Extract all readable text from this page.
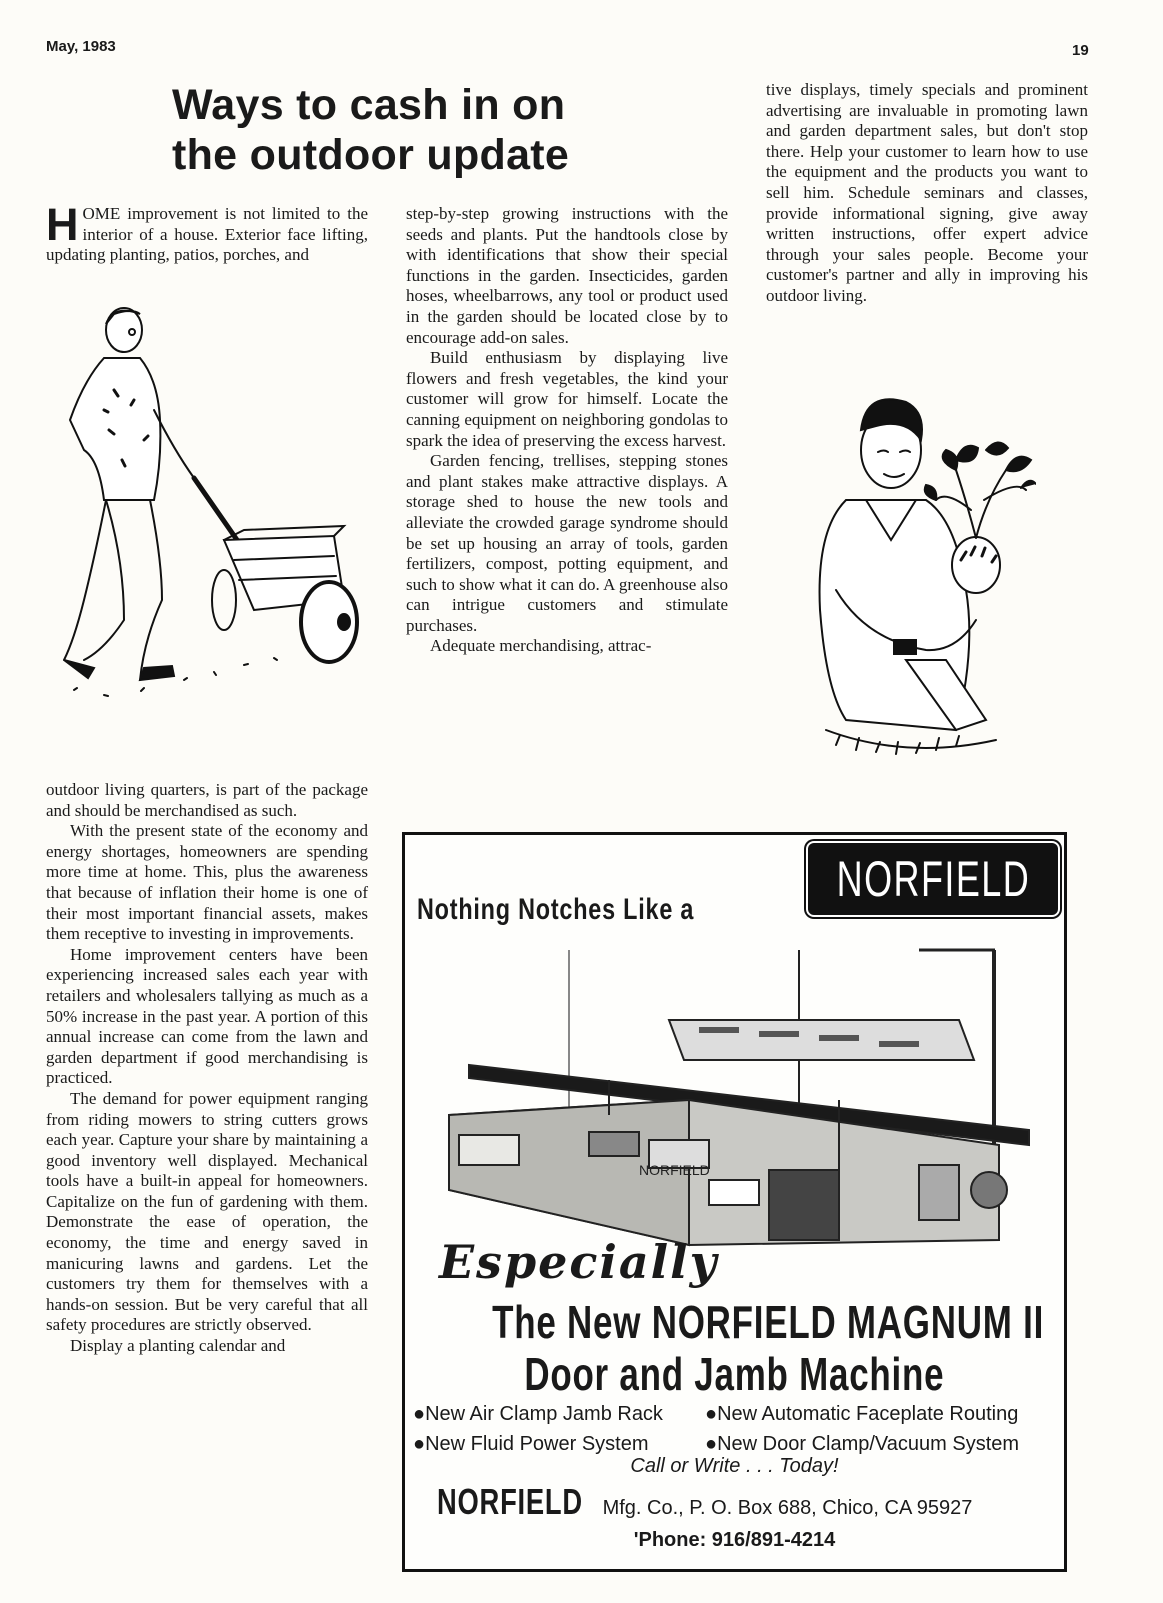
May, 1983	19
Ways to cash in on
the outdoor update

HOME improvement is not limited to the interior of a house. Exterior face lifting, updating planting, patios, porches, and

outdoor living quarters, is part of the package and should be merchandised as such.

With the present state of the economy and energy shortages, homeowners are spending more time at home. This, plus the awareness that because of inflation their home is one of their most important financial assets, makes them receptive to investing in improvements.

Home improvement centers have been experiencing increased sales each year with retailers and wholesalers tallying as much as a 50% increase in the past year. A portion of this annual increase can come from the lawn and garden department if good merchandising is practiced.

The demand for power equipment ranging from riding mowers to string cutters grows each year. Capture your share by maintaining a good inventory well displayed. Mechanical tools have a built-in appeal for homeowners. Capitalize on the fun of gardening with them. Demonstrate the ease of operation, the economy, the time and energy saved in manicuring lawns and gardens. Let the customers try them for themselves with a hands-on session. But be very careful that all safety procedures are strictly observed.

Display a planting calendar and

step-by-step growing instructions with the seeds and plants. Put the handtools close by with identifications that show their special functions in the garden. Insecticides, garden hoses, wheelbarrows, any tool or product used in the garden should be located close by to encourage add-on sales.

Build enthusiasm by displaying live flowers and fresh vegetables, the kind your customer will grow for himself. Locate the canning equipment on neighboring gondolas to spark the idea of preserving the excess harvest.

Garden fencing, trellises, stepping stones and plant stakes make attractive displays. A storage shed to house the new tools and alleviate the crowded garage syndrome should be set up housing an array of tools, garden fertilizers, compost, potting equipment, and such to show what it can do. A greenhouse also can intrigue customers and stimulate purchases.

Adequate merchandising, attrac-

tive displays, timely specials and prominent advertising are invaluable in promoting lawn and garden department sales, but don't stop there. Help your customer to learn how to use the equipment and the products you want to sell him. Schedule seminars and classes, provide informational signing, give away written instructions, offer expert advice through your sales people. Become your customer's partner and ally in improving his outdoor living.

Nothing Notches Like a
NORFIELD
NORFIELD
Especially
The New NORFIELD MAGNUM II
Door and Jamb Machine
●New Air Clamp Jamb Rack ●New Automatic Faceplate Routing
●New Fluid Power System	●New Door Clamp/Vacuum System
Call or Write . . . Today!
NORFIELD Mfg. Co., P. O. Box 688, Chico, CA 95927
'Phone: 916/891-4214
